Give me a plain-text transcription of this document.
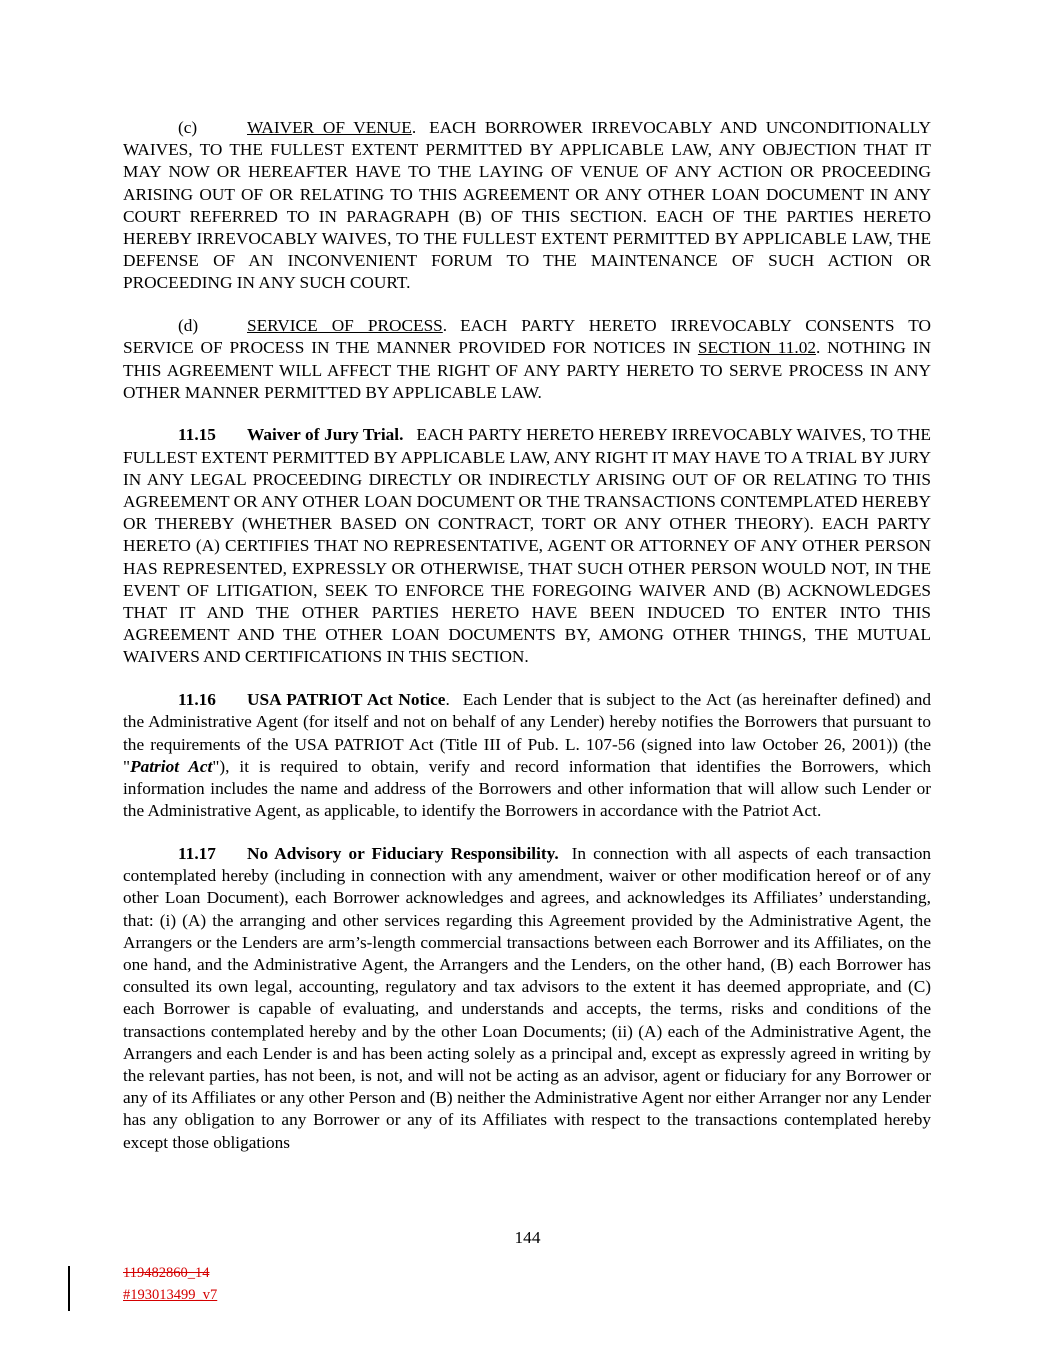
(c)	WAIVER OF VENUE. EACH BORROWER IRREVOCABLY AND UNCONDITIONALLY WAIVES, TO THE FULLEST EXTENT PERMITTED BY APPLICABLE LAW, ANY OBJECTION THAT IT MAY NOW OR HEREAFTER HAVE TO THE LAYING OF VENUE OF ANY ACTION OR PROCEEDING ARISING OUT OF OR RELATING TO THIS AGREEMENT OR ANY OTHER LOAN DOCUMENT IN ANY COURT REFERRED TO IN PARAGRAPH (B) OF THIS SECTION. EACH OF THE PARTIES HERETO HEREBY IRREVOCABLY WAIVES, TO THE FULLEST EXTENT PERMITTED BY APPLICABLE LAW, THE DEFENSE OF AN INCONVENIENT FORUM TO THE MAINTENANCE OF SUCH ACTION OR PROCEEDING IN ANY SUCH COURT.

(d)	SERVICE OF PROCESS. EACH PARTY HERETO IRREVOCABLY CONSENTS TO SERVICE OF PROCESS IN THE MANNER PROVIDED FOR NOTICES IN SECTION 11.02. NOTHING IN THIS AGREEMENT WILL AFFECT THE RIGHT OF ANY PARTY HERETO TO SERVE PROCESS IN ANY OTHER MANNER PERMITTED BY APPLICABLE LAW.

11.15 Waiver of Jury Trial. EACH PARTY HERETO HEREBY IRREVOCABLY WAIVES, TO THE FULLEST EXTENT PERMITTED BY APPLICABLE LAW, ANY RIGHT IT MAY HAVE TO A TRIAL BY JURY IN ANY LEGAL PROCEEDING DIRECTLY OR INDIRECTLY ARISING OUT OF OR RELATING TO THIS AGREEMENT OR ANY OTHER LOAN DOCUMENT OR THE TRANSACTIONS CONTEMPLATED HEREBY OR THEREBY (WHETHER BASED ON CONTRACT, TORT OR ANY OTHER THEORY). EACH PARTY HERETO (A) CERTIFIES THAT NO REPRESENTATIVE, AGENT OR ATTORNEY OF ANY OTHER PERSON HAS REPRESENTED, EXPRESSLY OR OTHERWISE, THAT SUCH OTHER PERSON WOULD NOT, IN THE EVENT OF LITIGATION, SEEK TO ENFORCE THE FOREGOING WAIVER AND (B) ACKNOWLEDGES THAT IT AND THE OTHER PARTIES HERETO HAVE BEEN INDUCED TO ENTER INTO THIS AGREEMENT AND THE OTHER LOAN DOCUMENTS BY, AMONG OTHER THINGS, THE MUTUAL WAIVERS AND CERTIFICATIONS IN THIS SECTION.

11.16 USA PATRIOT Act Notice. Each Lender that is subject to the Act (as hereinafter defined) and the Administrative Agent (for itself and not on behalf of any Lender) hereby notifies the Borrowers that pursuant to the requirements of the USA PATRIOT Act (Title III of Pub. L. 107-56 (signed into law October 26, 2001)) (the "Patriot Act"), it is required to obtain, verify and record information that identifies the Borrowers, which information includes the name and address of the Borrowers and other information that will allow such Lender or the Administrative Agent, as applicable, to identify the Borrowers in accordance with the Patriot Act.

11.17 No Advisory or Fiduciary Responsibility. In connection with all aspects of each transaction contemplated hereby (including in connection with any amendment, waiver or other modification hereof or of any other Loan Document), each Borrower acknowledges and agrees, and acknowledges its Affiliates’ understanding, that: (i) (A) the arranging and other services regarding this Agreement provided by the Administrative Agent, the Arrangers or the Lenders are arm’s-length commercial transactions between each Borrower and its Affiliates, on the one hand, and the Administrative Agent, the Arrangers and the Lenders, on the other hand, (B) each Borrower has consulted its own legal, accounting, regulatory and tax advisors to the extent it has deemed appropriate, and (C) each Borrower is capable of evaluating, and understands and accepts, the terms, risks and conditions of the transactions contemplated hereby and by the other Loan Documents; (ii) (A) each of the Administrative Agent, the Arrangers and each Lender is and has been acting solely as a principal and, except as expressly agreed in writing by the relevant parties, has not been, is not, and will not be acting as an advisor, agent or fiduciary for any Borrower or any of its Affiliates or any other Person and (B) neither the Administrative Agent nor either Arranger nor any Lender has any obligation to any Borrower or any of its Affiliates with respect to the transactions contemplated hereby except those obligations

144
119482860_14
#193013499_v7
